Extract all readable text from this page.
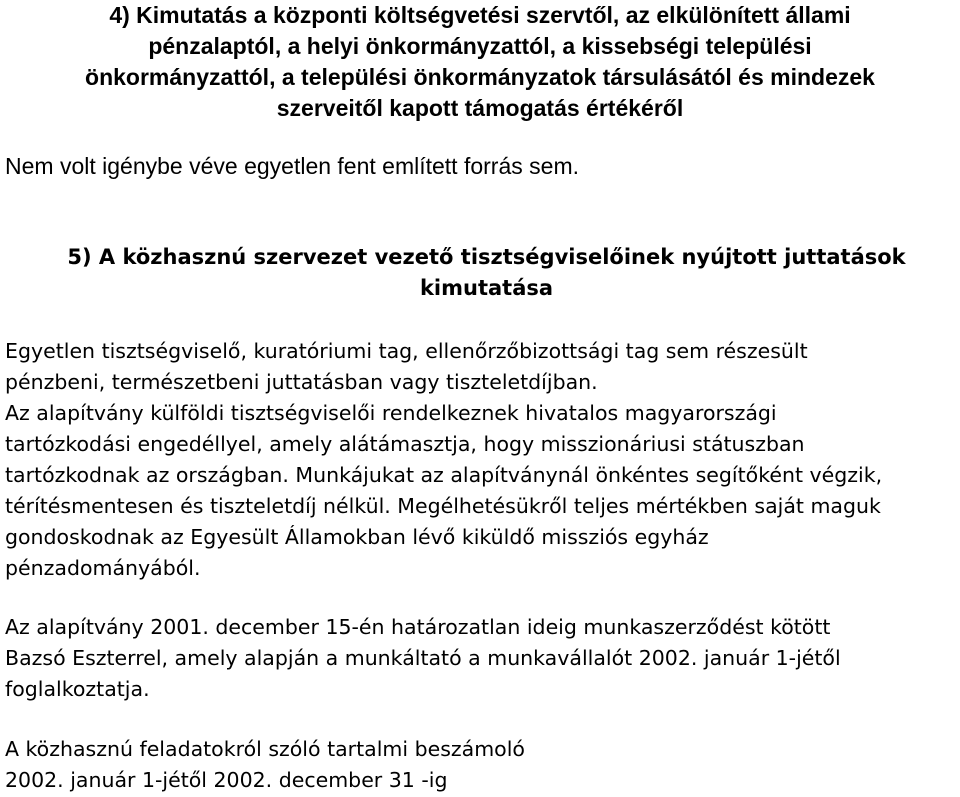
4) Kimutatás a központi költségvetési szervtől, az elkülönített állami
pénzalaptól, a helyi önkormányzattól, a kissebségi települési
önkormányzattól, a települési önkormányzatok társulásától és mindezek
szerveitől kapott támogatás értékéről

Nem volt igénybe véve egyetlen fent említett forrás sem.

5) A közhasznú szervezet vezető tisztségviselőinek nyújtott juttatások
kimutatása

Egyetlen tisztségviselő, kuratóriumi tag, ellenőrzőbizottsági tag sem részesült
pénzbeni, természetbeni juttatásban vagy tiszteletdíjban.
Az alapítvány külföldi tisztségviselői rendelkeznek hivatalos magyarországi
tartózkodási engedéllyel, amely alátámasztja, hogy misszionáriusi státuszban
tartózkodnak az országban. Munkájukat az alapítványnál önkéntes segítőként végzik,
térítésmentesen és tiszteletdíj nélkül. Megélhetésükről teljes mértékben saját maguk
gondoskodnak az Egyesült Államokban lévő kiküldő missziós egyház
pénzadományából.

Az alapítvány 2001. december 15-én határozatlan ideig munkaszerződést kötött
Bazsó Eszterrel, amely alapján a munkáltató a munkavállalót 2002. január 1-jétől
foglalkoztatja.

A közhasznú feladatokról szóló tartalmi beszámoló
2002. január 1-jétől 2002. december 31 -ig
